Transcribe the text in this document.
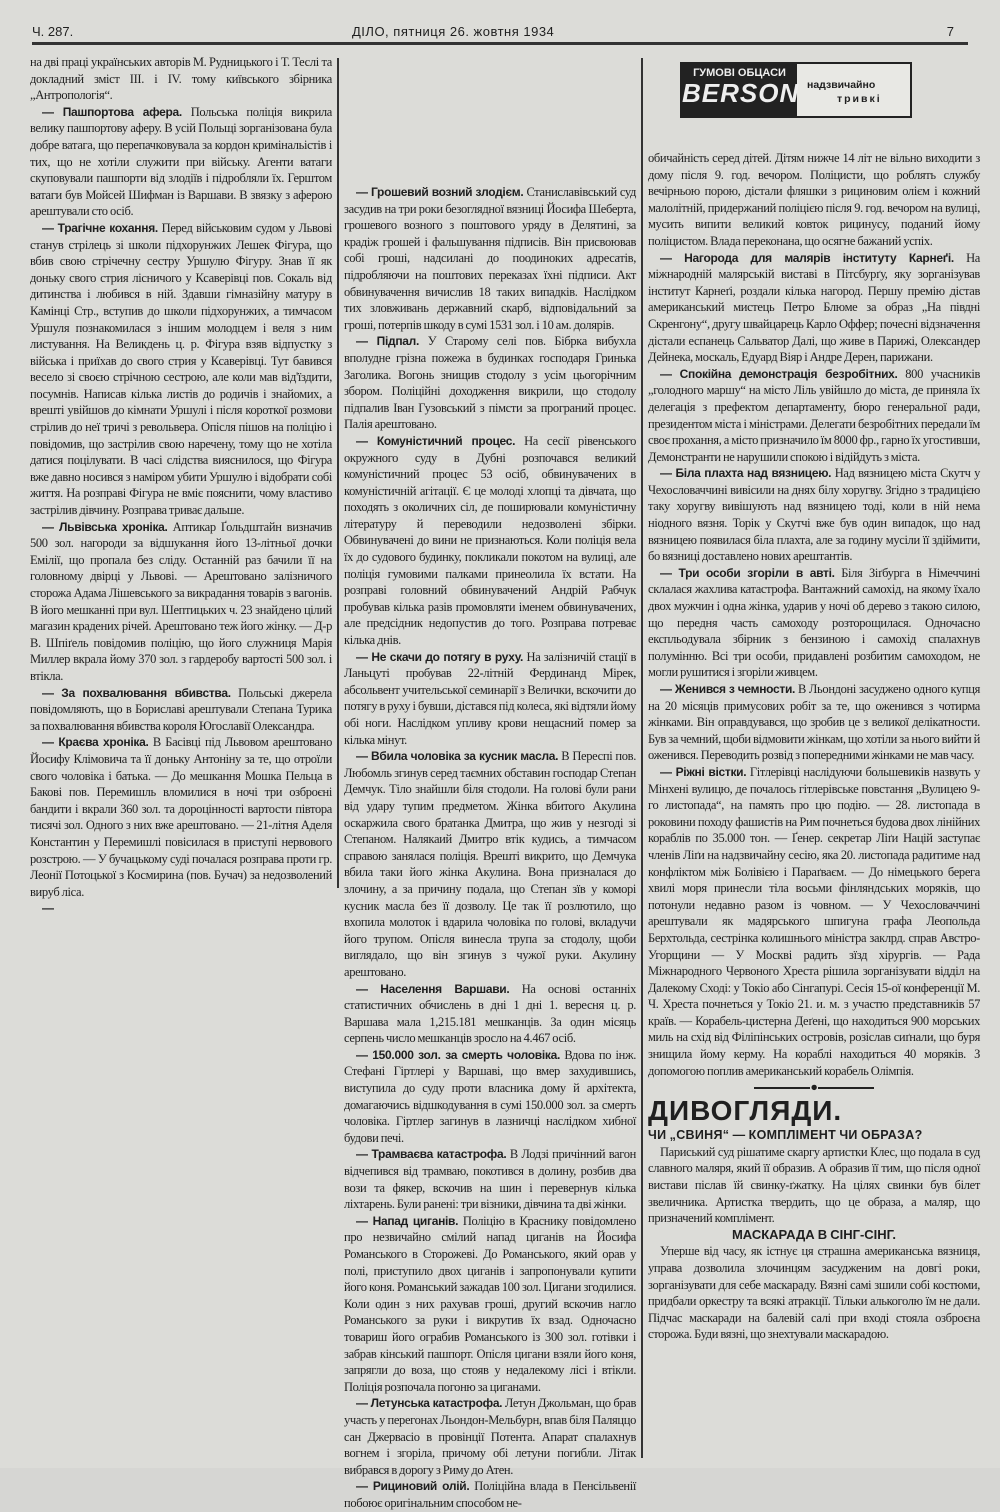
Ч. 287.	ДІЛО, пятниця 26. жовтня 1934	7
ГУМОВІ ОБЦАСИ
BERSON надзвичайно
тривкі

на дві праці українських авторів М. Рудницького і Т. Теслі та докладний зміст III. і IV. тому київського збірника „Антропологія“.

— Пашпортова афера. Польська поліція викрила велику пашпортову аферу. В усій Польщі зорганізована була добре ватага, що перепачковувала за кордон кримінальістів і тих, що не хотіли служити при війську. Агенти ватаги скуповували пашпорти від злодіїв і підробляли їх. Герштом ватаги був Мойсей Шифман із Варшави. В звязку з аферою арештували сто осіб.

— Трагічне кохання. Перед військовим судом у Львові станув стрілець зі школи підхорунжих Лешек Фігура, що вбив свою стрічечну сестру Уршулю Фігуру. Знав її як доньку свого стрия лісничого у Ксаверівці пов. Сокаль від дитинства і любився в ній. Здавши гімназійну матуру в Камінці Стр., вступив до школи підхорунжих, а тимчасом Уршуля познакомилася з іншим молодцем і веля з ним листування. На Великдень ц. р. Фігура взяв відпустку з війська і приїхав до свого стрия у Ксаверівці. Тут бавився весело зі своєю стрічною сестрою, але коли мав від'їздити, посумнів. Написав кілька листів до родичів і знайомих, а врешті увійшов до кімнати Уршулі і після короткої розмови стрілив до неї тричі з револьвера. Опісля пішов на поліцію і повідомив, що застрілив свою наречену, тому що не хотіла датися поцілувати. В часі слідства вияснилося, що Фігура вже давно носився з наміром убити Уршулю і відобрати собі життя. На розправі Фігура не вміє пояснити, чому властиво застрілив дівчину. Розправа триває дальше.

— Львівська хроніка. Аптикар Ґольдштайн визначив 500 зол. нагороди за відшукання його 13-літньої дочки Емілії, що пропала без сліду. Останній раз бачили її на головному двірці у Львові. — Арештовано залізничого сторожа Адама Лішевського за викрадання товарів з вагонів. В його мешканні при вул. Шептицьких ч. 23 знайдено цілий магазин крадених річей. Арештовано теж його жінку. — Д-р В. Шпіґель повідомив поліцію, що його служниця Марія Миллер вкрала йому 370 зол. з гардеробу вартості 500 зол. і втікла.

— За похвалювання вбивства. Польські джерела повідомляють, що в Бориславі арештували Степана Турика за похвалювання вбивства короля Югославії Олександра.

— Краєва хроніка. В Басівці під Львовом арештовано Йосифу Клімовича та її доньку Антоніну за те, що отроїли свого чоловіка і батька. — До мешкання Мошка Пельца в Бакові пов. Перемишль вломилися в ночі три озброєні бандити і вкрали 360 зол. та дороцінності вартости півтора тисячі зол. Одного з них вже арештовано. — 21-літня Аделя Константин у Перемишлі повісилася в приступі нервового розстрою. — У бучацькому суді почалася розправа проти гр. Леонії Потоцької з Космирина (пов. Бучач) за недозволений вируб ліса.

—

— Грошевий возний злодієм. Станиславівський суд засудив на три роки безоглядної вязниці Йосифа Шеберта, грошевого возного з поштового уряду в Делятині, за крадіж грошей і фальшування підписів. Він присвоював собі гроші, надсилані до поодиноких адресатів, підробляючи на поштових переказах їхні підписи. Акт обвинувачення вичислив 18 таких випадків. Наслідком тих зловживань державний скарб, відповідальний за гроші, потерпів шкоду в сумі 1531 зол. і 10 ам. долярів.

— Підпал. У Старому селі пов. Бібрка вибухла вполудне грізна пожежа в будинках господаря Гринька Заголика. Вогонь знищив стодолу з усім цьогорічним збором. Поліційні доходження викрили, що стодолу підпалив Іван Гузовський з пімсти за програний процес. Палія арештовано.

— Комуністичний процес. На сесії рівенського окружного суду в Дубні розпочався великий комуністичний процес 53 осіб, обвинувачених в комуністичній агітації. Є це молоді хлопці та дівчата, що походять з околичних сіл, де поширювали комуністичну літературу й переводили недозволені збірки. Обвинувачені до вини не признаються. Коли поліція вела їх до судового будинку, покликали покотом на вулиці, але поліція гумовими палками принеолила їх встати. На розправі головний обвинувачений Андрій Рабчук пробував кілька разів промовляти іменем обвинувачених, але предсідник недопустив до того. Розправа потреває кілька днів.

— Не скачи до потягу в руху. На залізничій стації в Ланьцуті пробував 22-літній Фердинанд Мірек, абсольвент учительської семинарії з Велички, вскочити до потягу в руху і бувши, дістався під колеса, які відтяли йому обі ноги. Наслідком упливу крови нещасний помер за кілька мінут.

— Вбила чоловіка за кусник масла. В Переспі пов. Любомль згинув серед таємних обставин господар Степан Демчук. Тіло знайшли біля стодоли. На голові були рани від удару тупим предметом. Жінка вбитого Акулина оскаржила свого братанка Дмитра, що жив у незгоді зі Степаном. Налякаий Дмитро втік кудись, а тимчасом справою занялася поліція. Врешті викрито, що Демчука вбила таки його жінка Акулина. Вона призналася до злочину, а за причину подала, що Степан зїв у коморі кусник масла без її дозволу. Це так її розлютило, що вхопила молоток і вдарила чоловіка по голові, вкладучи його трупом. Опісля винесла трупа за стодолу, щоби виглядало, що він згинув з чужої руки. Акулину арештовано.

— Населення Варшави. На основі останніх статистичних обчислень в дні 1 дні 1. вересня ц. р. Варшава мала 1,215.181 мешканців. За один місяць серпень число мешканців зросло на 4.467 осіб.

— 150.000 зол. за смерть чоловіка. Вдова по інж. Стефані Гіртлері у Варшаві, що вмер захудившись, виступила до суду проти власника дому й архітекта, домагаючись відшкодування в сумі 150.000 зол. за смерть чоловіка. Гіртлер загинув в лазничці наслідком хибної будови печі.

— Трамваєва катастрофа. В Лодзі причінний вагон відчепився від трамваю, покотився в долину, розбив два вози та фякер, вскочив на шин і перевернув кілька ліхтарень. Були ранені: три візники, дівчина та дві жінки.

— Напад циганів. Поліцію в Краснику повідомлено про незвичайно смілий напад циганів на Йосифа Романського в Сторожеві. До Романського, який орав у полі, приступило двох циганів і запропонували купити його коня. Романський зажадав 100 зол. Цигани згодилися. Коли один з них рахував гроші, другий вскочив нагло Романського за руки і викрутив їх взад. Одночасно товариш його ограбив Романського із 300 зол. готівки і забрав кінський пашпорт. Опісля цигани взяли його коня, запрягли до воза, що стояв у недалекому лісі і втікли. Поліція розпочала погоню за циганами.

— Летунська катастрофа. Летун Джольман, що брав участь у перегонах Льондон-Мельбурн, впав біля Паляццо сан Джервасіо в провінції Потента. Апарат спалахнув вогнем і згоріла, причому обі летуни погибли. Літак вибрався в дорогу з Риму до Атен.

— Рициновий олій. Поліційна влада в Пенсільвенії побоює оригінальним способом не-

обичайність серед дітей. Дітям нижче 14 літ не вільно виходити з дому після 9. год. вечором. Поліцисти, що роблять службу вечірньою порою, дістали фляшки з рициновим олієм і кожний малолітній, придержаний поліцією після 9. год. вечором на вулиці, мусить випити великий ковток рицинусу, поданий йому поліцистом. Влада переконана, що осягне бажаний успіх.

— Нагорода для малярів інституту Карнеґі. На міжнародній малярській виставі в Пітсбурґу, яку зорганізував інститут Карнеґі, роздали кілька нагород. Першу премію дістав американський мистець Петро Блюме за образ „На півдні Скренгону“, другу швайцарець Карло Оффер; почесні відзначення дістали еспанець Сальватор Далі, що живе в Парижі, Олександер Дейнека, москаль, Едуард Віяр і Андре Дерен, парижани.

— Спокійна демонстрація безробітних. 800 учасників „голодного маршу“ на місто Ліль увійшло до міста, де приняла їх делегація з префектом департаменту, бюро генеральної ради, президентом міста і міністрами. Делегати безробітних передали їм своє прохання, а місто призначило їм 8000 фр., гарно їх угостивши, Демонстранти не нарушили спокою і відійдуть з міста.

— Біла плахта над вязницею. Над вязницею міста Скутч у Чехословаччині вивісили на днях білу хоругву. Згідно з традицією таку хоругву вивішують над вязницею тоді, коли в ній нема ніодного вязня. Торік у Скутчі вже був один випадок, що над вязницею появилася біла плахта, але за годину мусіли її здіймити, бо вязниці доставлено нових арештантів.

— Три особи згоріли в авті. Біля Зіґбурга в Німеччині склалася жахлива катастрофа. Вантажний самохід, на якому їхало двох мужчин і одна жінка, ударив у ночі об дерево з такою силою, що передня часть самоходу розторощилася. Одночасно експльодувала збірник з бензиною і самохід спалахнув полумінню. Всі три особи, придавлені розбитим самоходом, не могли рушитися і згоріли живцем.

— Женився з чемности. В Льондоні засуджено одного купця на 20 місяців примусових робіт за те, що оженився з чотирма жінками. Він оправдувався, що зробив це з великої делікатности. Був за чемний, щоби відмовити жінкам, що хотіли за нього вийти й оженився. Переводить розвід з попередними жінками не мав часу.

— Ріжні вістки. Гітлерівці наслідуючи большевиків назвуть у Мінхені вулицю, де почалось гітлерівське повстання „Вулицею 9-го листопада“, на память про цю подію. — 28. листопада в роковини походу фашистів на Рим почнеться будова двох лінійних кораблів по 35.000 тон. — Ґенер. секретар Ліґи Націй заступає членів Ліґи на надзвичайну сесію, яка 20. листопада радитиме над конфліктом між Болівією і Параґваєм. — До німецького берега хвилі моря принесли тіла восьми фінляндських моряків, що потонули недавно разом із човном. — У Чехословаччині арештували як мадярського шпигуна графа Леопольда Берхтольда, сестрінка колишнього міністра заклрд. справ Австро-Угорщини — У Москві радить зїзд хірургів. — Рада Міжнародного Червоного Хреста рішила зорганізувати відділ на Далекому Сході: у Токіо або Сінгапурі. Сесія 15-ої конференції М. Ч. Хреста почнеться у Токіо 21. и. м. з участю представників 57 країв. — Корабель-цистерна Деґені, що находиться 900 морських миль на схід від Філіпінських островів, розіслав сиґнали, що буря знищила йому керму. На кораблі находиться 40 моряків. З допомогою поплив американський корабель Олімпія.

●

ДИВОГЛЯДИ.

ЧИ „СВИНЯ“ — КОМПЛІМЕНТ ЧИ ОБРАЗА?

Париський суд рішатиме скаргу артистки Клес, що подала в суд славного маляря, який її образив. А образив її тим, що після одної вистави післав їй свинку-ґжатку. На цілях свинки був білет звеличника. Артистка твердить, що це образа, а маляр, що призначений комплімент.

МАСКАРАДА В СІНГ-СІНГ.

Уперше від часу, як істнує ця страшна американська вязниця, управа дозволила злочинцям засудженим на довгі роки, зорганізувати для себе маскараду. Вязні самі зшили собі костюми, придбали оркестру та всякі атракції. Тільки алькоголю їм не дали. Підчас маскаради на балевій салі при вході стояла озброєна сторожа. Буди вязні, що знехтували маскарадою.
